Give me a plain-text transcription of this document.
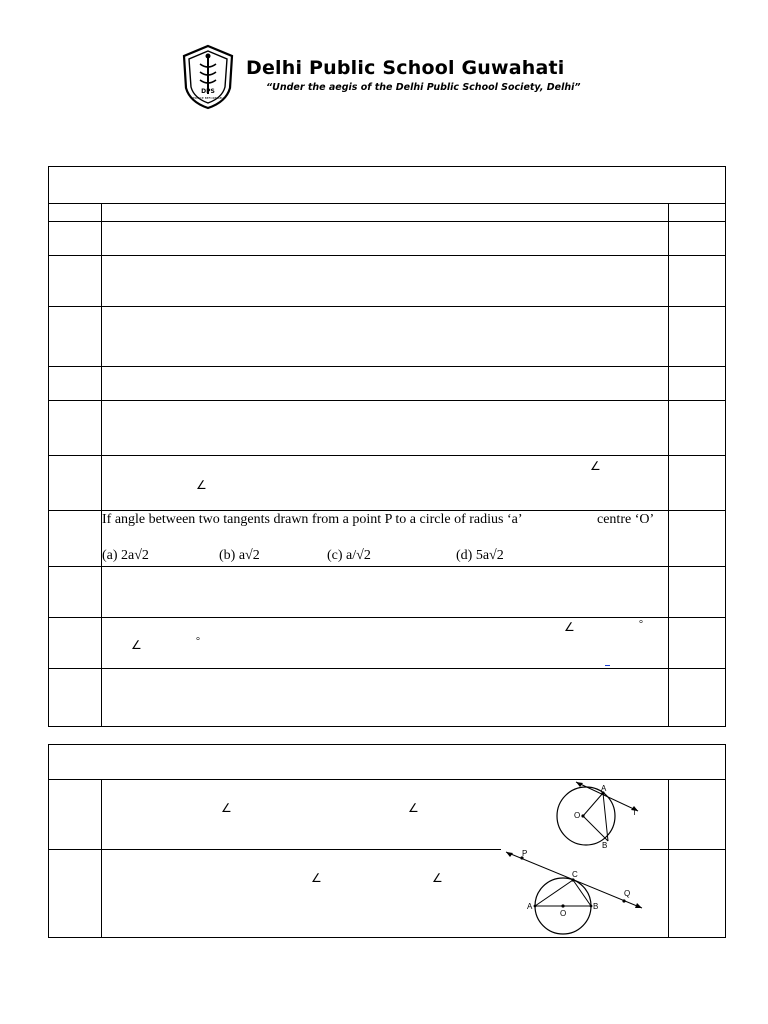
DPS
SERVICE BEFORE SELF
Delhi Public School Guwahati
“Under the aegis of the Delhi Public School Society, Delhi”
∠
∠
If angle between two tangents drawn from a point P to a circle of radius ‘a’	centre ‘O’
(a) 2a√2	(b) a√2	(c) a/√2	(d) 5a√2
∠	°
∠	°
∠	∠
∠	∠
A
T
O
B
P
C
Q
A
O
B
